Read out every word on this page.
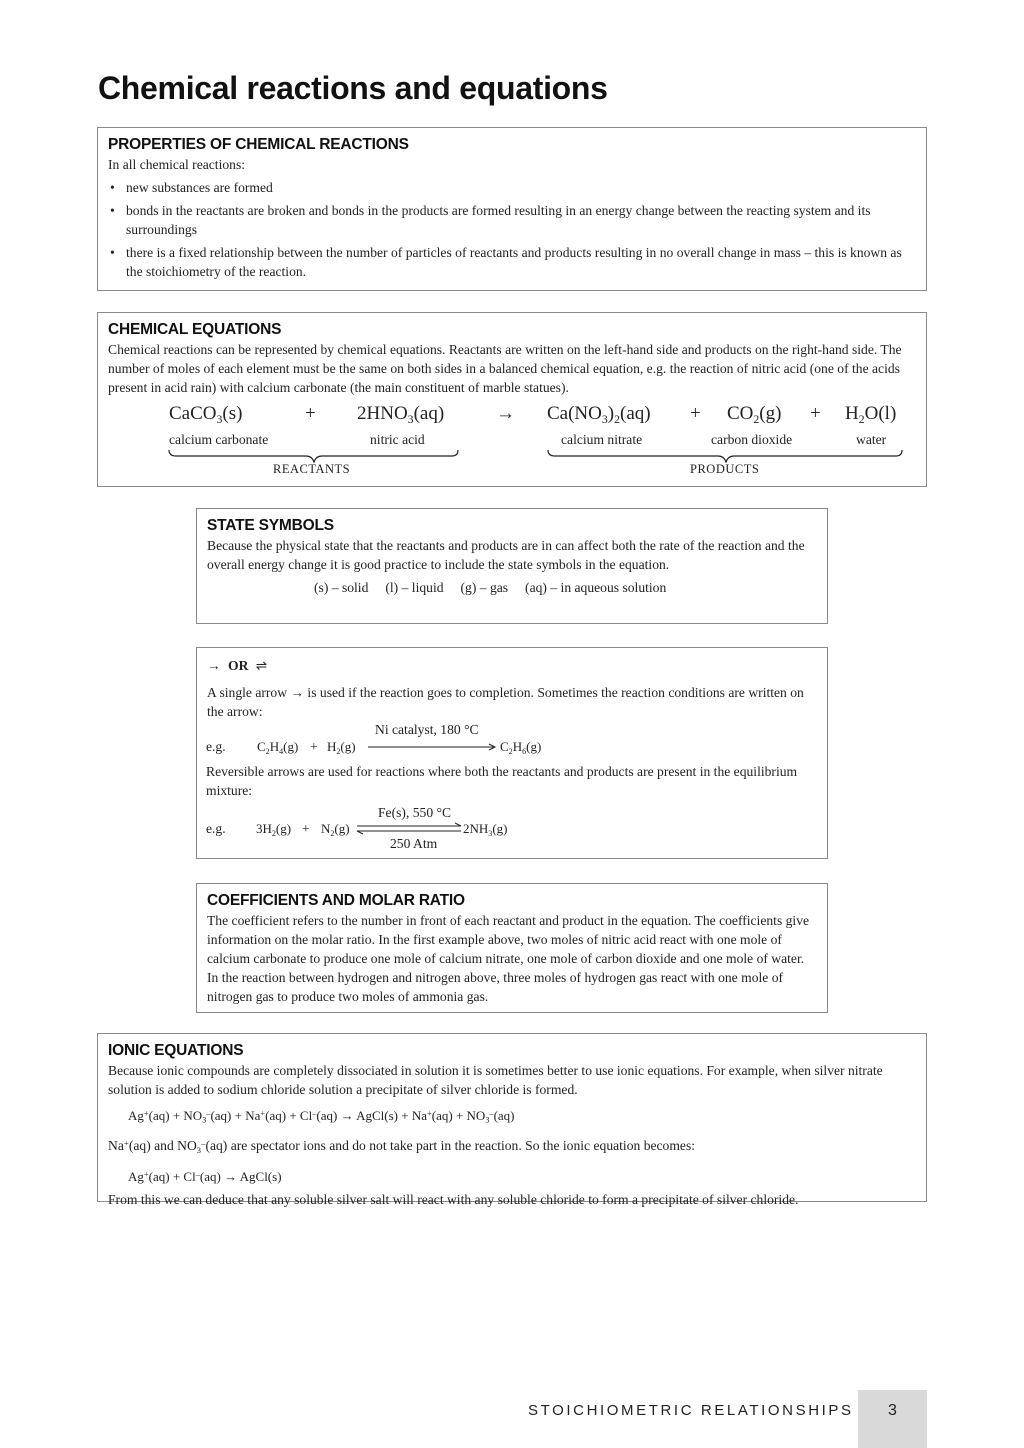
Chemical reactions and equations
PROPERTIES OF CHEMICAL REACTIONS

In all chemical reactions:

• new substances are formed
• bonds in the reactants are broken and bonds in the products are formed resulting in an energy change between the reacting system and its surroundings
• there is a fixed relationship between the number of particles of reactants and products resulting in no overall change in mass – this is known as the stoichiometry of the reaction.
CHEMICAL EQUATIONS

Chemical reactions can be represented by chemical equations. Reactants are written on the left-hand side and products on the right-hand side. The number of moles of each element must be the same on both sides in a balanced chemical equation, e.g. the reaction of nitric acid (one of the acids present in acid rain) with calcium carbonate (the main constituent of marble statues).

CaCO$_3$(s)	+ $2HNO_3(aq)$	→ $Ca(NO_3)_2(aq) + CO_2(g) + H_2O(l)$
calcium carbonate	nitric acid	calcium nitrate	carbon dioxide	water
REACTANTS	PRODUCTS
STATE SYMBOLS

Because the physical state that the reactants and products are in can affect both the rate of the reaction and the overall energy change it is good practice to include the state symbols in the equation.

(s) – solid     (l) – liquid     (g) – gas     (aq) – in aqueous solution

→ OR ⇌

A single arrow → is used if the reaction goes to completion. Sometimes the reaction conditions are written on the arrow:

e.g. $C_2H_4(g) + H_2(g)$
Ni catalyst, 180 °C
$C_2H_6(g)$

Reversible arrows are used for reactions where both the reactants and products are present in the equilibrium mixture:

e.g. $3H_2(g) + N_2(g)$
Fe(s), 550 °C
250 Atm
$2NH_3(g)$
COEFFICIENTS AND MOLAR RATIO

The coefficient refers to the number in front of each reactant and product in the equation. The coefficients give information on the molar ratio. In the first example above, two moles of nitric acid react with one mole of calcium carbonate to produce one mole of calcium nitrate, one mole of carbon dioxide and one mole of water. In the reaction between hydrogen and nitrogen above, three moles of hydrogen gas react with one mole of nitrogen gas to produce two moles of ammonia gas.

IONIC EQUATIONS

Because ionic compounds are completely dissociated in solution it is sometimes better to use ionic equations. For example, when silver nitrate solution is added to sodium chloride solution a precipitate of silver chloride is formed.

$Ag^+(aq) + NO_3^-(aq) + Na^+(aq) + Cl^-(aq)$ → AgCl(s) + $Na^+(aq) + NO_3^-(aq)$

Na+(aq) and $NO_3^-(aq)$ are spectator ions and do not take part in the reaction. So the ionic equation becomes:

Ag+(aq) + Cl–(aq) → AgCl(s)

From this we can deduce that any soluble silver salt will react with any soluble chloride to form a precipitate of silver chloride.

STOICHIOMETRIC RELATIONSHIPS	3
